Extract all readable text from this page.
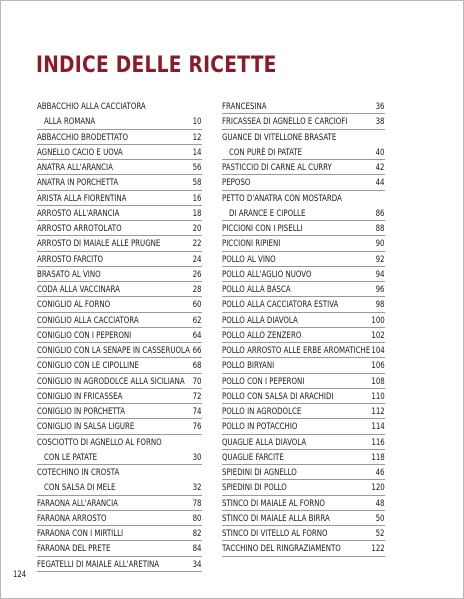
INDICE DELLE RICETTE
ABBACCHIO ALLA CACCIATORA
ALLA ROMANA	10
ABBACCHIO BRODETTATO	12
AGNELLO CACIO E UOVA	14
ANATRA ALL'ARANCIA	56
ANATRA IN PORCHETTA	58
ARISTA ALLA FIORENTINA	16
ARROSTO ALL'ARANCIA	18
ARROSTO ARROTOLATO	20
ARROSTO DI MAIALE ALLE PRUGNE	22
ARROSTO FARCITO	24
BRASATO AL VINO	26
CODA ALLA VACCINARA	28
CONIGLIO AL FORNO	60
CONIGLIO ALLA CACCIATORA	62
CONIGLIO CON I PEPERONI	64
CONIGLIO CON LA SENAPE IN CASSERUOLA 66
CONIGLIO CON LE CIPOLLINE	68
CONIGLIO IN AGRODOLCE ALLA SICILIANA 70
CONIGLIO IN FRICASSEA	72
CONIGLIO IN PORCHETTA	74
CONIGLIO IN SALSA LIGURE	76
COSCIOTTO DI AGNELLO AL FORNO
CON LE PATATE	30
COTECHINO IN CROSTA
CON SALSA DI MELE	32
FARAONA ALL'ARANCIA	78
FARAONA ARROSTO	80
FARAONA CON I MIRTILLI	82
FARAONA DEL PRETE	84
FEGATELLI DI MAIALE ALL'ARETINA	34
FRANCESINA	36
FRICASSEA DI AGNELLO E CARCIOFI	38
GUANCE DI VITELLONE BRASATE
CON PURÈ DI PATATE	40
PASTICCIO DI CARNE AL CURRY	42
PEPOSO	44
PETTO D'ANATRA CON MOSTARDA
DI ARANCE E CIPOLLE	86
PICCIONI CON I PISELLI	88
PICCIONI RIPIENI	90
POLLO AL VINO	92
POLLO ALL'AGLIO NUOVO	94
POLLO ALLA BASCA	96
POLLO ALLA CACCIATORA ESTIVA	98
POLLO ALLA DIAVOLA	100
POLLO ALLO ZENZERO	102
POLLO ARROSTO ALLE ERBE AROMATICHE 104
POLLO BIRYANI	106
POLLO CON I PEPERONI	108
POLLO CON SALSA DI ARACHIDI	110
POLLO IN AGRODOLCE	112
POLLO IN POTACCHIO	114
QUAGLIE ALLA DIAVOLA	116
QUAGLIE FARCITE	118
SPIEDINI DI AGNELLO	46
SPIEDINI DI POLLO	120
STINCO DI MAIALE AL FORNO	48
STINCO DI MAIALE ALLA BIRRA	50
STINCO DI VITELLO AL FORNO	52
TACCHINO DEL RINGRAZIAMENTO	122
124
